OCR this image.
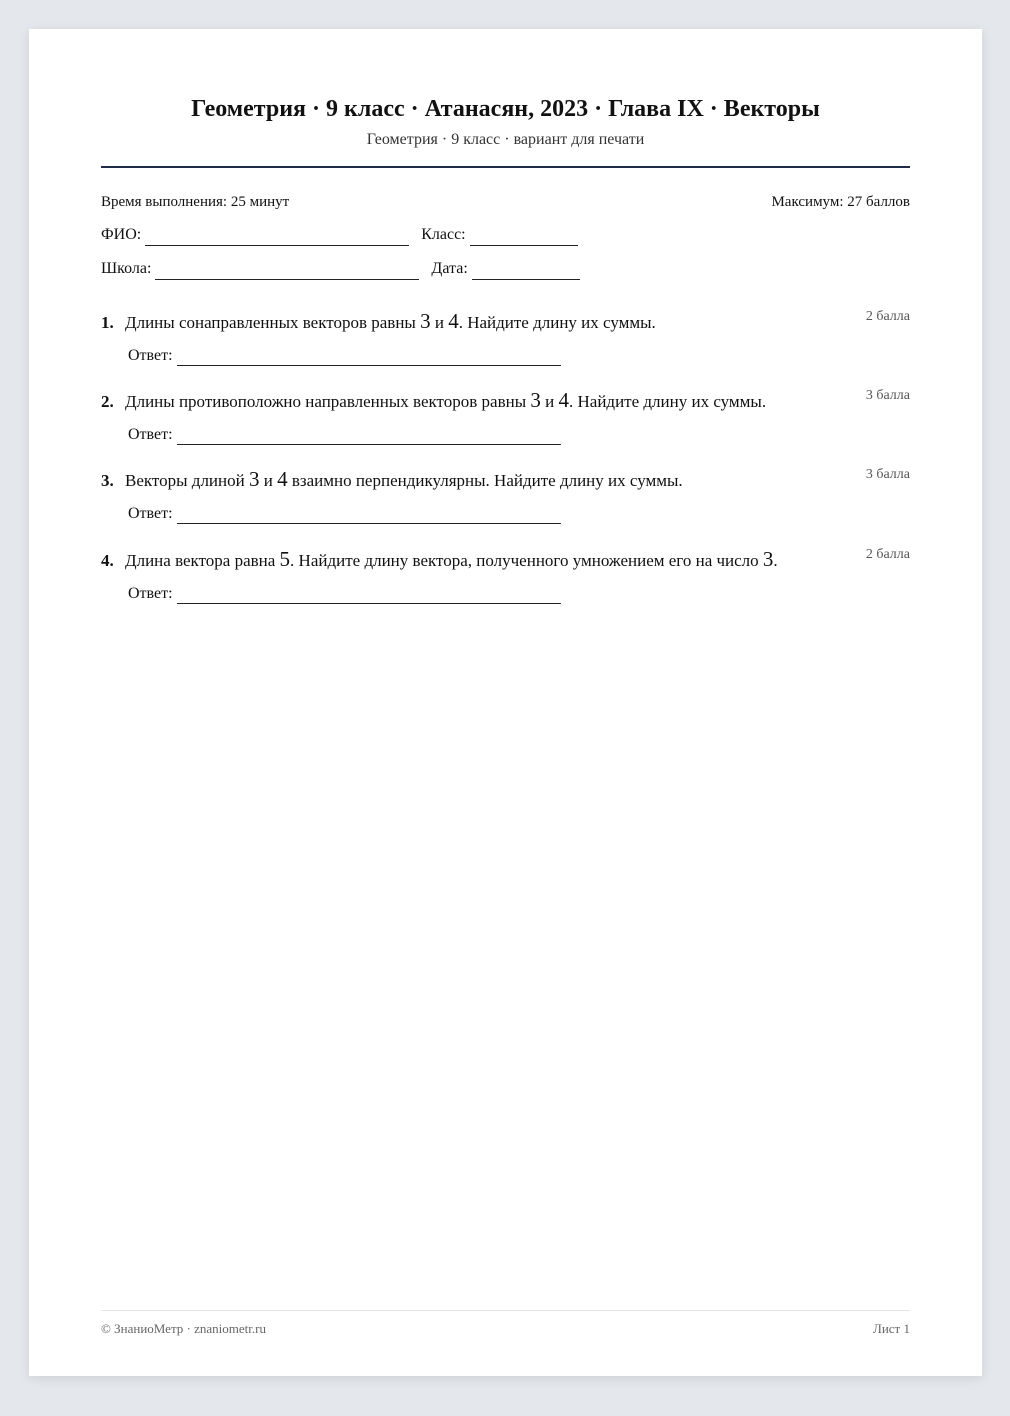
Геометрия · 9 класс · Атанасян, 2023 · Глава IX · Векторы
Геометрия · 9 класс · вариант для печати
Время выполнения: 25 минут	Максимум: 27 баллов
ФИО:	Класс:
Школа:	Дата:
1. Длины сонаправленных векторов равны 3 и 4. Найдите длину их суммы.	2 балла
Ответ:
2. Длины противоположно направленных векторов равны 3 и 4. Найдите длину их суммы.	3 балла
Ответ:
3. Векторы длиной 3 и 4 взаимно перпендикулярны. Найдите длину их суммы.	3 балла
Ответ:
4. Длина вектора равна 5. Найдите длину вектора, полученного умножением его на число 3.	2 балла
Ответ:
© ЗнаниоМетр · znaniometr.ru	Лист 1
